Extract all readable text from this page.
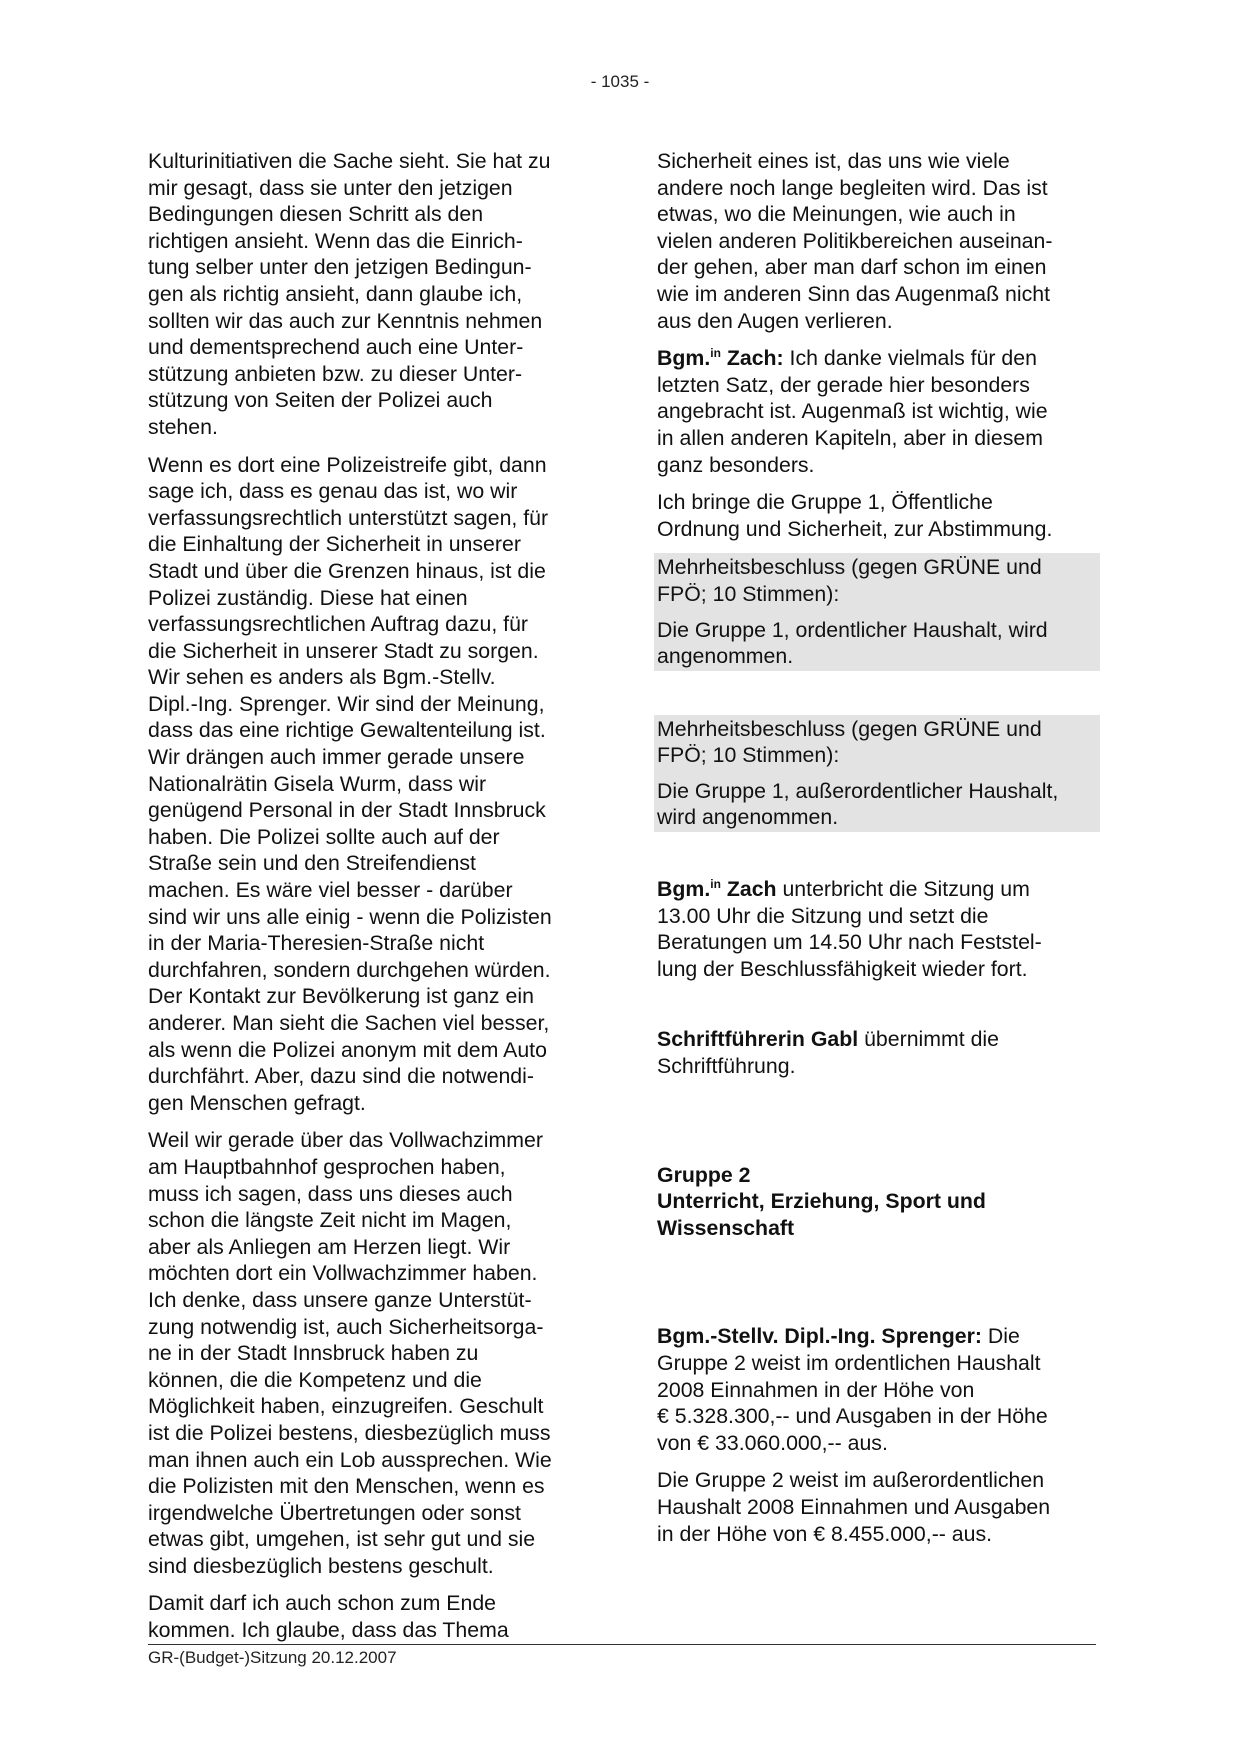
- 1035 -

Kulturinitiativen die Sache sieht. Sie hat zu
mir gesagt, dass sie unter den jetzigen
Bedingungen diesen Schritt als den
richtigen ansieht. Wenn das die Einrich-
tung selber unter den jetzigen Bedingun-
gen als richtig ansieht, dann glaube ich,
sollten wir das auch zur Kenntnis nehmen
und dementsprechend auch eine Unter-
stützung anbieten bzw. zu dieser Unter-
stützung von Seiten der Polizei auch
stehen.

Wenn es dort eine Polizeistreife gibt, dann
sage ich, dass es genau das ist, wo wir
verfassungsrechtlich unterstützt sagen, für
die Einhaltung der Sicherheit in unserer
Stadt und über die Grenzen hinaus, ist die
Polizei zuständig. Diese hat einen
verfassungsrechtlichen Auftrag dazu, für
die Sicherheit in unserer Stadt zu sorgen.
Wir sehen es anders als Bgm.-Stellv.
Dipl.-Ing. Sprenger. Wir sind der Meinung,
dass das eine richtige Gewaltenteilung ist.
Wir drängen auch immer gerade unsere
Nationalrätin Gisela Wurm, dass wir
genügend Personal in der Stadt Innsbruck
haben. Die Polizei sollte auch auf der
Straße sein und den Streifendienst
machen. Es wäre viel besser - darüber
sind wir uns alle einig - wenn die Polizisten
in der Maria-Theresien-Straße nicht
durchfahren, sondern durchgehen würden.
Der Kontakt zur Bevölkerung ist ganz ein
anderer. Man sieht die Sachen viel besser,
als wenn die Polizei anonym mit dem Auto
durchfährt. Aber, dazu sind die notwendi-
gen Menschen gefragt.

Weil wir gerade über das Vollwachzimmer
am Hauptbahnhof gesprochen haben,
muss ich sagen, dass uns dieses auch
schon die längste Zeit nicht im Magen,
aber als Anliegen am Herzen liegt. Wir
möchten dort ein Vollwachzimmer haben.
Ich denke, dass unsere ganze Unterstüt-
zung notwendig ist, auch Sicherheitsorga-
ne in der Stadt Innsbruck haben zu
können, die die Kompetenz und die
Möglichkeit haben, einzugreifen. Geschult
ist die Polizei bestens, diesbezüglich muss
man ihnen auch ein Lob aussprechen. Wie
die Polizisten mit den Menschen, wenn es
irgendwelche Übertretungen oder sonst
etwas gibt, umgehen, ist sehr gut und sie
sind diesbezüglich bestens geschult.

Damit darf ich auch schon zum Ende
kommen. Ich glaube, dass das Thema

Sicherheit eines ist, das uns wie viele
andere noch lange begleiten wird. Das ist
etwas, wo die Meinungen, wie auch in
vielen anderen Politikbereichen auseinan-
der gehen, aber man darf schon im einen
wie im anderen Sinn das Augenmaß nicht
aus den Augen verlieren.

Bgm.$^{in}$ Zach: Ich danke vielmals für den
letzten Satz, der gerade hier besonders
angebracht ist. Augenmaß ist wichtig, wie
in allen anderen Kapiteln, aber in diesem
ganz besonders.

Ich bringe die Gruppe 1, Öffentliche
Ordnung und Sicherheit, zur Abstimmung.

Mehrheitsbeschluss (gegen GRÜNE und
FPÖ; 10 Stimmen):

Die Gruppe 1, ordentlicher Haushalt, wird
angenommen.

Mehrheitsbeschluss (gegen GRÜNE und
FPÖ; 10 Stimmen):

Die Gruppe 1, außerordentlicher Haushalt,
wird angenommen.

Bgm.$^{in}$ Zach unterbricht die Sitzung um
13.00 Uhr die Sitzung und setzt die
Beratungen um 14.50 Uhr nach Feststel-
lung der Beschlussfähigkeit wieder fort.

Schriftführerin Gabl übernimmt die
Schriftführung.

Gruppe 2
Unterricht, Erziehung, Sport und
Wissenschaft

Bgm.-Stellv. Dipl.-Ing. Sprenger: Die
Gruppe 2 weist im ordentlichen Haushalt
2008 Einnahmen in der Höhe von
€ 5.328.300,-- und Ausgaben in der Höhe
von € 33.060.000,-- aus.

Die Gruppe 2 weist im außerordentlichen
Haushalt 2008 Einnahmen und Ausgaben
in der Höhe von € 8.455.000,-- aus.

GR-(Budget-)Sitzung 20.12.2007
